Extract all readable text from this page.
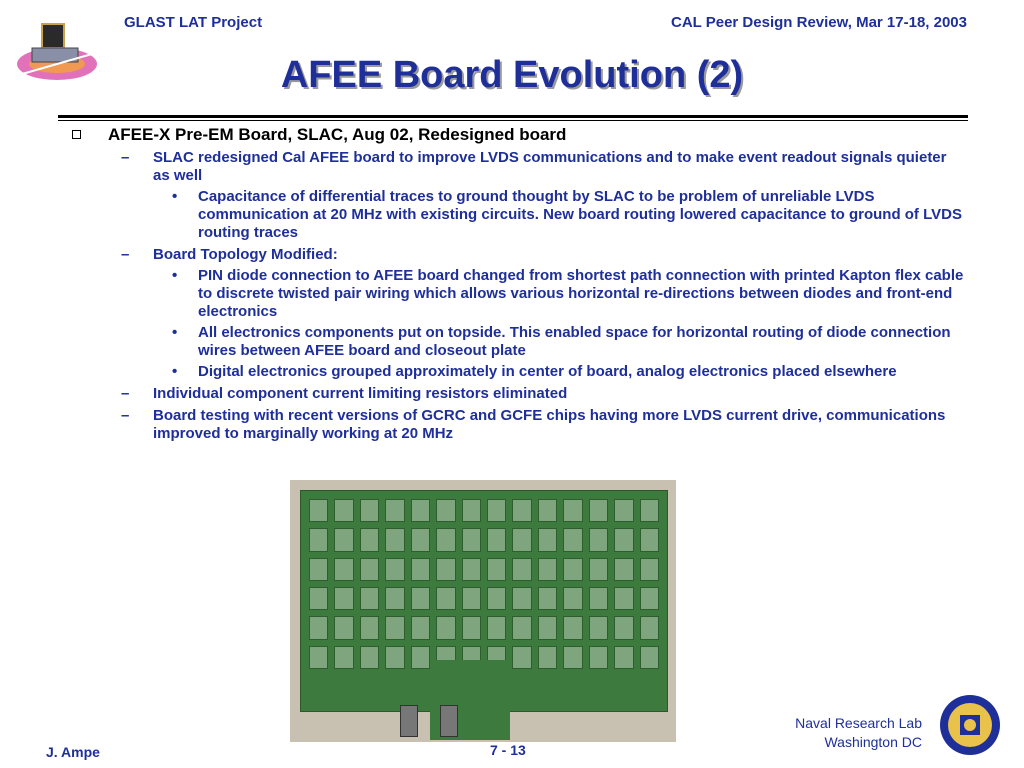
GLAST LAT Project	CAL Peer Design Review, Mar 17-18, 2003
AFEE Board Evolution (2)
AFEE-X Pre-EM Board, SLAC, Aug 02, Redesigned board
– SLAC redesigned Cal AFEE board to improve LVDS communications and to make event readout signals quieter as well
• Capacitance of differential traces to ground thought by SLAC to be problem of unreliable LVDS communication at 20 MHz with existing circuits. New board routing lowered capacitance to ground of LVDS routing traces
– Board Topology Modified:
• PIN diode connection to AFEE board changed from shortest path connection with printed Kapton flex cable to discrete twisted pair wiring which allows various horizontal re-directions between diodes and front-end electronics
• All electronics components put on topside. This enabled space for horizontal routing of diode connection wires between AFEE board and closeout plate
• Digital electronics grouped approximately in center of board, analog electronics placed elsewhere
– Individual component current limiting resistors eliminated
– Board testing with recent versions of GCRC and GCFE chips having more LVDS current drive, communications improved to marginally working at 20 MHz
Naval Research Lab
Washington DC
J. Ampe	7 - 13
